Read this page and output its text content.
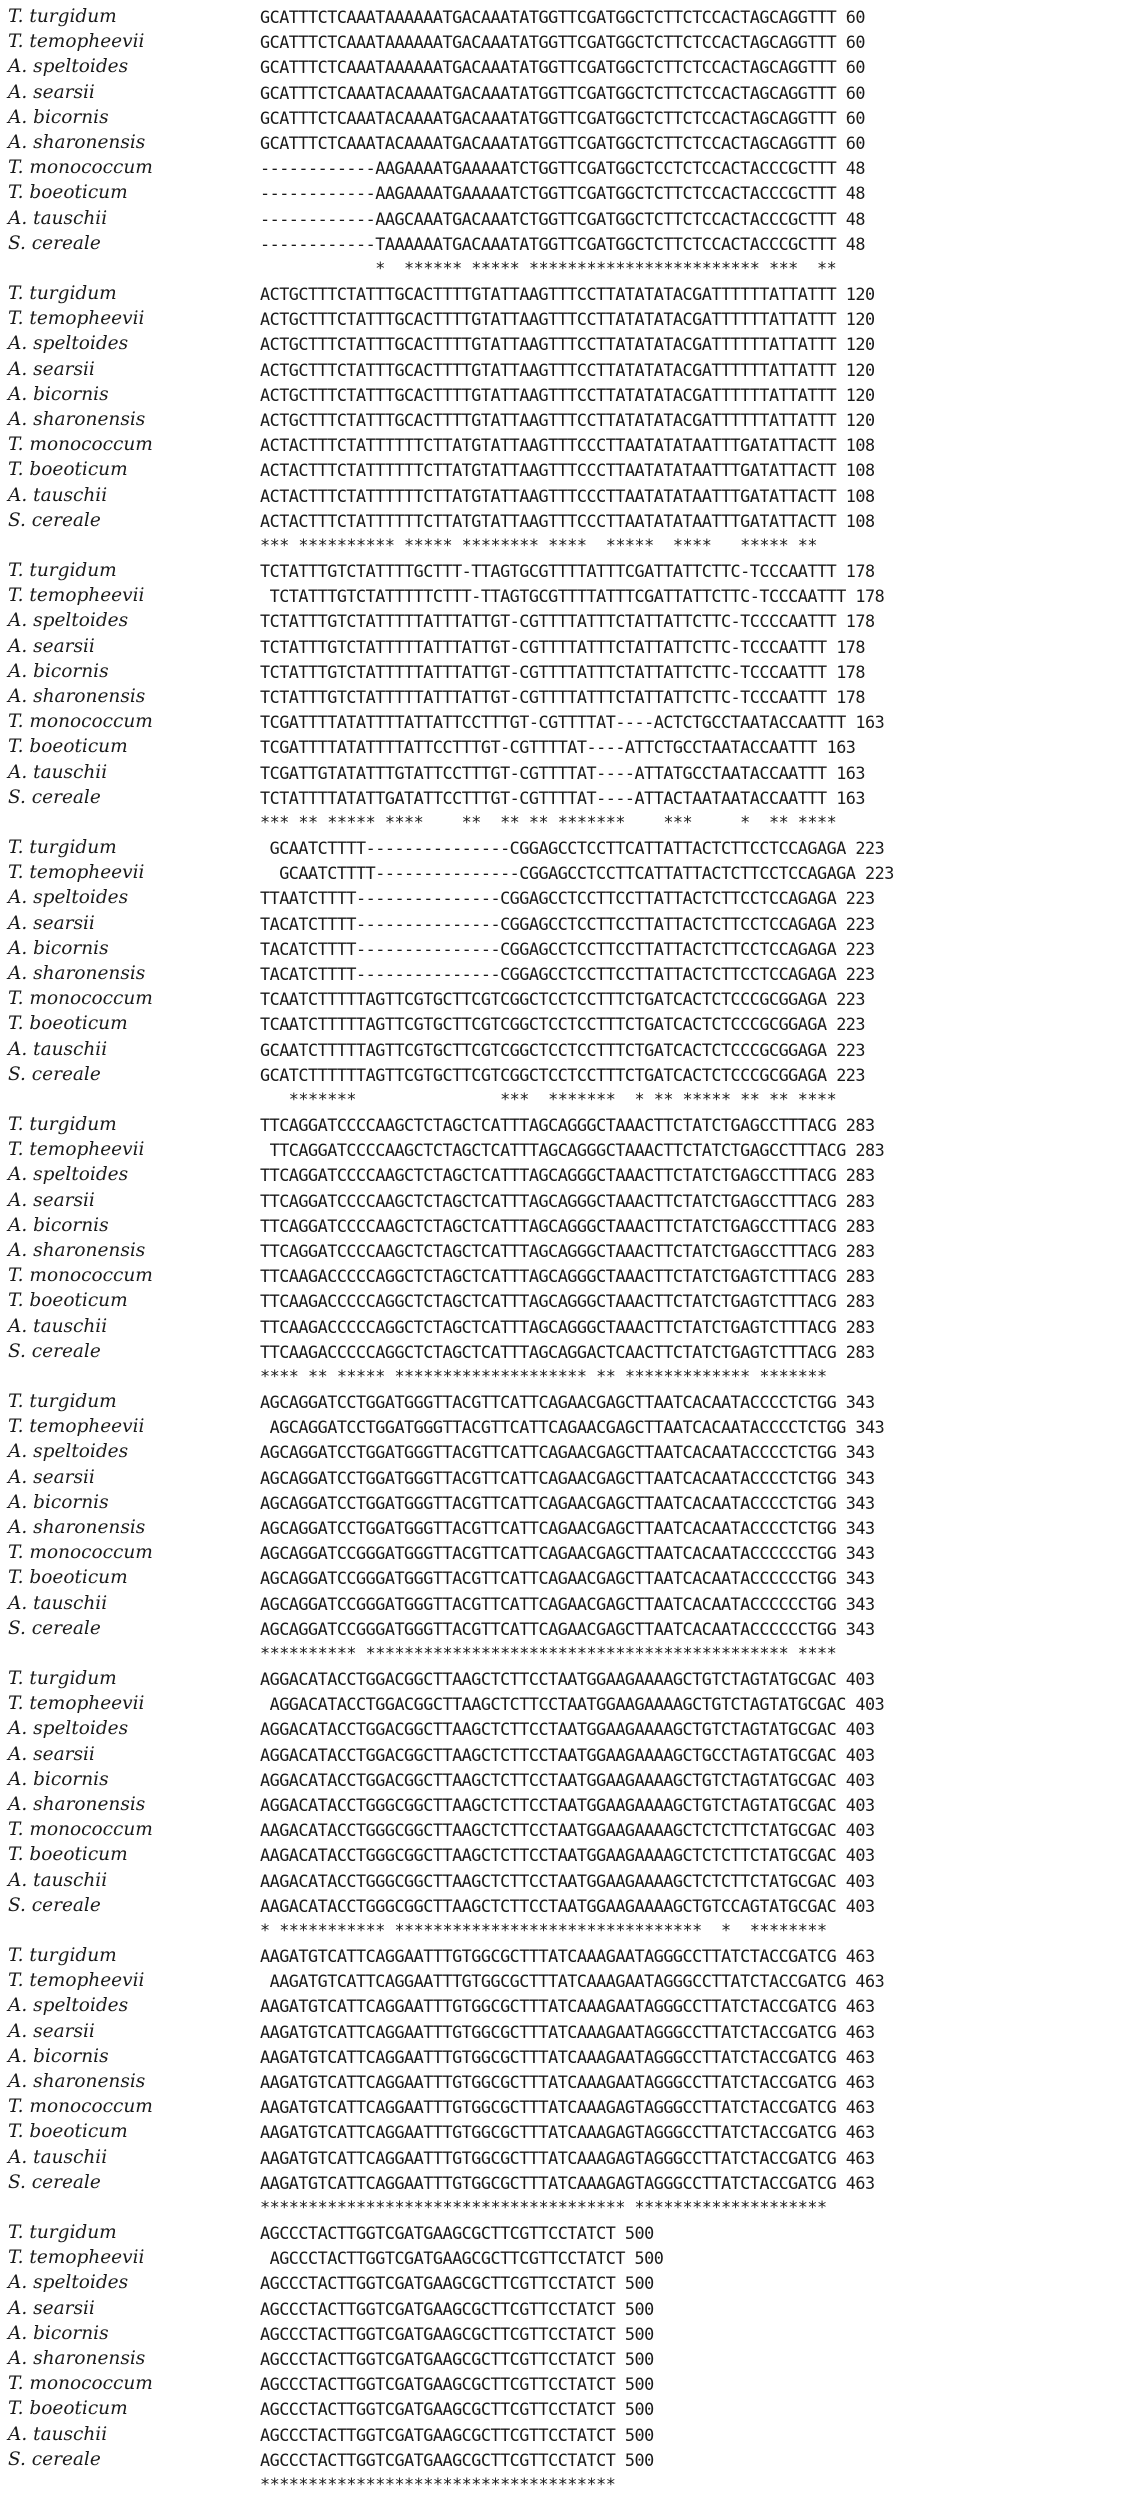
T. turgidum	GCATTTCTCAAATAAAAAATGACAAATATGGTTCGATGGCTCTTCTCCACTAGCAGGTTT 60
T. temopheevii	GCATTTCTCAAATAAAAAATGACAAATATGGTTCGATGGCTCTTCTCCACTAGCAGGTTT 60
A. speltoides	GCATTTCTCAAATAAAAAATGACAAATATGGTTCGATGGCTCTTCTCCACTAGCAGGTTT 60
A. searsii	GCATTTCTCAAATACAAAATGACAAATATGGTTCGATGGCTCTTCTCCACTAGCAGGTTT 60
A. bicornis	GCATTTCTCAAATACAAAATGACAAATATGGTTCGATGGCTCTTCTCCACTAGCAGGTTT 60
A. sharonensis	GCATTTCTCAAATACAAAATGACAAATATGGTTCGATGGCTCTTCTCCACTAGCAGGTTT 60
T. monococcum	------------AAGAAAATGAAAAATCTGGTTCGATGGCTCCTCTCCACTACCCGCTTT 48
T. boeoticum	------------AAGAAAATGAAAAATCTGGTTCGATGGCTCTTCTCCACTACCCGCTTT 48
A. tauschii	------------AAGCAAATGACAAATCTGGTTCGATGGCTCTTCTCCACTACCCGCTTT 48
S. cereale	------------TAAAAAATGACAAATATGGTTCGATGGCTCTTCTCCACTACCCGCTTT 48
*  ****** ***** ************************ ***  **
T. turgidum	ACTGCTTTCTATTTGCACTTTTGTATTAAGTTTCCTTATATATACGATTTTTTATTATTT 120
T. temopheevii	ACTGCTTTCTATTTGCACTTTTGTATTAAGTTTCCTTATATATACGATTTTTTATTATTT 120
A. speltoides	ACTGCTTTCTATTTGCACTTTTGTATTAAGTTTCCTTATATATACGATTTTTTATTATTT 120
A. searsii	ACTGCTTTCTATTTGCACTTTTGTATTAAGTTTCCTTATATATACGATTTTTTATTATTT 120
A. bicornis	ACTGCTTTCTATTTGCACTTTTGTATTAAGTTTCCTTATATATACGATTTTTTATTATTT 120
A. sharonensis	ACTGCTTTCTATTTGCACTTTTGTATTAAGTTTCCTTATATATACGATTTTTTATTATTT 120
T. monococcum	ACTACTTTCTATTTTTTCTTATGTATTAAGTTTCCCTTAATATATAATTTGATATTACTT 108
T. boeoticum	ACTACTTTCTATTTTTTCTTATGTATTAAGTTTCCCTTAATATATAATTTGATATTACTT 108
A. tauschii	ACTACTTTCTATTTTTTCTTATGTATTAAGTTTCCCTTAATATATAATTTGATATTACTT 108
S. cereale	ACTACTTTCTATTTTTTCTTATGTATTAAGTTTCCCTTAATATATAATTTGATATTACTT 108
*** ********** ***** ******** ****  *****  ****   ***** **
T. turgidum	TCTATTTGTCTATTTTGCTTT-TTAGTGCGTTTTATTTCGATTATTCTTC-TCCCAATTT 178
T. temopheevii	TCTATTTGTCTATTTTTCTTT-TTAGTGCGTTTTATTTCGATTATTCTTC-TCCCAATTT 178
A. speltoides	TCTATTTGTCTATTTTTATTTATTGT-CGTTTTATTTCTATTATTCTTC-TCCCCAATTT 178
A. searsii	TCTATTTGTCTATTTTTATTTATTGT-CGTTTTATTTCTATTATTCTTC-TCCCAATTT 178
A. bicornis	TCTATTTGTCTATTTTTATTTATTGT-CGTTTTATTTCTATTATTCTTC-TCCCAATTT 178
A. sharonensis	TCTATTTGTCTATTTTTATTTATTGT-CGTTTTATTTCTATTATTCTTC-TCCCAATTT 178
T. monococcum	TCGATTTTATATTTTATTATTCCTTTGT-CGTTTTAT----ACTCTGCCTAATACCAATTT 163
T. boeoticum	TCGATTTTATATTTTATTCCTTTGT-CGTTTTAT----ATTCTGCCTAATACCAATTT 163
A. tauschii	TCGATTGTATATTTGTATTCCTTTGT-CGTTTTAT----ATTATGCCTAATACCAATTT 163
S. cereale	TCTATTTTATATTGATATTCCTTTGT-CGTTTTAT----ATTACTAATAATACCAATTT 163
*** ** ***** ****    **  ** ** *******    ***     *  ** ****
T. turgidum	GCAATCTTTT---------------CGGAGCCTCCTTCATTATTACTCTTCCTCCAGAGA 223
T. temopheevii	GCAATCTTTT---------------CGGAGCCTCCTTCATTATTACTCTTCCTCCAGAGA 223
A. speltoides	TTAATCTTTT---------------CGGAGCCTCCTTCCTTATTACTCTTCCTCCAGAGA 223
A. searsii	TACATCTTTT---------------CGGAGCCTCCTTCCTTATTACTCTTCCTCCAGAGA 223
A. bicornis	TACATCTTTT---------------CGGAGCCTCCTTCCTTATTACTCTTCCTCCAGAGA 223
A. sharonensis	TACATCTTTT---------------CGGAGCCTCCTTCCTTATTACTCTTCCTCCAGAGA 223
T. monococcum	TCAATCTTTTTAGTTCGTGCTTCGTCGGCTCCTCCTTTCTGATCACTCTCCCGCGGAGA 223
T. boeoticum	TCAATCTTTTTAGTTCGTGCTTCGTCGGCTCCTCCTTTCTGATCACTCTCCCGCGGAGA 223
A. tauschii	GCAATCTTTTTAGTTCGTGCTTCGTCGGCTCCTCCTTTCTGATCACTCTCCCGCGGAGA 223
S. cereale	GCATCTTTTTTAGTTCGTGCTTCGTCGGCTCCTCCTTTCTGATCACTCTCCCGCGGAGA 223
*******               ***  *******  * ** ***** ** ** ****
T. turgidum	TTCAGGATCCCCAAGCTCTAGCTCATTTAGCAGGGCTAAACTTCTATCTGAGCCTTTACG 283
T. temopheevii	TTCAGGATCCCCAAGCTCTAGCTCATTTAGCAGGGCTAAACTTCTATCTGAGCCTTTACG 283
A. speltoides	TTCAGGATCCCCAAGCTCTAGCTCATTTAGCAGGGCTAAACTTCTATCTGAGCCTTTACG 283
A. searsii	TTCAGGATCCCCAAGCTCTAGCTCATTTAGCAGGGCTAAACTTCTATCTGAGCCTTTACG 283
A. bicornis	TTCAGGATCCCCAAGCTCTAGCTCATTTAGCAGGGCTAAACTTCTATCTGAGCCTTTACG 283
A. sharonensis	TTCAGGATCCCCAAGCTCTAGCTCATTTAGCAGGGCTAAACTTCTATCTGAGCCTTTACG 283
T. monococcum	TTCAAGACCCCCAGGCTCTAGCTCATTTAGCAGGGCTAAACTTCTATCTGAGTCTTTACG 283
T. boeoticum	TTCAAGACCCCCAGGCTCTAGCTCATTTAGCAGGGCTAAACTTCTATCTGAGTCTTTACG 283
A. tauschii	TTCAAGACCCCCAGGCTCTAGCTCATTTAGCAGGGCTAAACTTCTATCTGAGTCTTTACG 283
S. cereale	TTCAAGACCCCCAGGCTCTAGCTCATTTAGCAGGACTCAACTTCTATCTGAGTCTTTACG 283
**** ** ***** ******************** ** ************* *******
T. turgidum	AGCAGGATCCTGGATGGGTTACGTTCATTCAGAACGAGCTTAATCACAATACCCCTCTGG 343
T. temopheevii	AGCAGGATCCTGGATGGGTTACGTTCATTCAGAACGAGCTTAATCACAATACCCCTCTGG 343
A. speltoides	AGCAGGATCCTGGATGGGTTACGTTCATTCAGAACGAGCTTAATCACAATACCCCTCTGG 343
A. searsii	AGCAGGATCCTGGATGGGTTACGTTCATTCAGAACGAGCTTAATCACAATACCCCTCTGG 343
A. bicornis	AGCAGGATCCTGGATGGGTTACGTTCATTCAGAACGAGCTTAATCACAATACCCCTCTGG 343
A. sharonensis	AGCAGGATCCTGGATGGGTTACGTTCATTCAGAACGAGCTTAATCACAATACCCCTCTGG 343
T. monococcum	AGCAGGATCCGGGATGGGTTACGTTCATTCAGAACGAGCTTAATCACAATACCCCCCTGG 343
T. boeoticum	AGCAGGATCCGGGATGGGTTACGTTCATTCAGAACGAGCTTAATCACAATACCCCCCTGG 343
A. tauschii	AGCAGGATCCGGGATGGGTTACGTTCATTCAGAACGAGCTTAATCACAATACCCCCCTGG 343
S. cereale	AGCAGGATCCGGGATGGGTTACGTTCATTCAGAACGAGCTTAATCACAATACCCCCCTGG 343
********** ******************************************** ****
T. turgidum	AGGACATACCTGGACGGCTTAAGCTCTTCCTAATGGAAGAAAAGCTGTCTAGTATGCGAC 403
T. temopheevii	AGGACATACCTGGACGGCTTAAGCTCTTCCTAATGGAAGAAAAGCTGTCTAGTATGCGAC 403
A. speltoides	AGGACATACCTGGACGGCTTAAGCTCTTCCTAATGGAAGAAAAGCTGTCTAGTATGCGAC 403
A. searsii	AGGACATACCTGGACGGCTTAAGCTCTTCCTAATGGAAGAAAAGCTGCCTAGTATGCGAC 403
A. bicornis	AGGACATACCTGGACGGCTTAAGCTCTTCCTAATGGAAGAAAAGCTGTCTAGTATGCGAC 403
A. sharonensis	AGGACATACCTGGGCGGCTTAAGCTCTTCCTAATGGAAGAAAAGCTGTCTAGTATGCGAC 403
T. monococcum	AAGACATACCTGGGCGGCTTAAGCTCTTCCTAATGGAAGAAAAGCTCTCTTCTATGCGAC 403
T. boeoticum	AAGACATACCTGGGCGGCTTAAGCTCTTCCTAATGGAAGAAAAGCTCTCTTCTATGCGAC 403
A. tauschii	AAGACATACCTGGGCGGCTTAAGCTCTTCCTAATGGAAGAAAAGCTCTCTTCTATGCGAC 403
S. cereale	AAGACATACCTGGGCGGCTTAAGCTCTTCCTAATGGAAGAAAAGCTGTCCAGTATGCGAC 403
* *********** ********************************  *  ********
T. turgidum	AAGATGTCATTCAGGAATTTGTGGCGCTTTATCAAAGAATAGGGCCTTATCTACCGATCG 463
T. temopheevii	AAGATGTCATTCAGGAATTTGTGGCGCTTTATCAAAGAATAGGGCCTTATCTACCGATCG 463
A. speltoides	AAGATGTCATTCAGGAATTTGTGGCGCTTTATCAAAGAATAGGGCCTTATCTACCGATCG 463
A. searsii	AAGATGTCATTCAGGAATTTGTGGCGCTTTATCAAAGAATAGGGCCTTATCTACCGATCG 463
A. bicornis	AAGATGTCATTCAGGAATTTGTGGCGCTTTATCAAAGAATAGGGCCTTATCTACCGATCG 463
A. sharonensis	AAGATGTCATTCAGGAATTTGTGGCGCTTTATCAAAGAATAGGGCCTTATCTACCGATCG 463
T. monococcum	AAGATGTCATTCAGGAATTTGTGGCGCTTTATCAAAGAGTAGGGCCTTATCTACCGATCG 463
T. boeoticum	AAGATGTCATTCAGGAATTTGTGGCGCTTTATCAAAGAGTAGGGCCTTATCTACCGATCG 463
A. tauschii	AAGATGTCATTCAGGAATTTGTGGCGCTTTATCAAAGAGTAGGGCCTTATCTACCGATCG 463
S. cereale	AAGATGTCATTCAGGAATTTGTGGCGCTTTATCAAAGAGTAGGGCCTTATCTACCGATCG 463
************************************** ********************
T. turgidum	AGCCCTACTTGGTCGATGAAGCGCTTCGTTCCTATCT 500
T. temopheevii	AGCCCTACTTGGTCGATGAAGCGCTTCGTTCCTATCT 500
A. speltoides	AGCCCTACTTGGTCGATGAAGCGCTTCGTTCCTATCT 500
A. searsii	AGCCCTACTTGGTCGATGAAGCGCTTCGTTCCTATCT 500
A. bicornis	AGCCCTACTTGGTCGATGAAGCGCTTCGTTCCTATCT 500
A. sharonensis	AGCCCTACTTGGTCGATGAAGCGCTTCGTTCCTATCT 500
T. monococcum	AGCCCTACTTGGTCGATGAAGCGCTTCGTTCCTATCT 500
T. boeoticum	AGCCCTACTTGGTCGATGAAGCGCTTCGTTCCTATCT 500
A. tauschii	AGCCCTACTTGGTCGATGAAGCGCTTCGTTCCTATCT 500
S. cereale	AGCCCTACTTGGTCGATGAAGCGCTTCGTTCCTATCT 500
*************************************
